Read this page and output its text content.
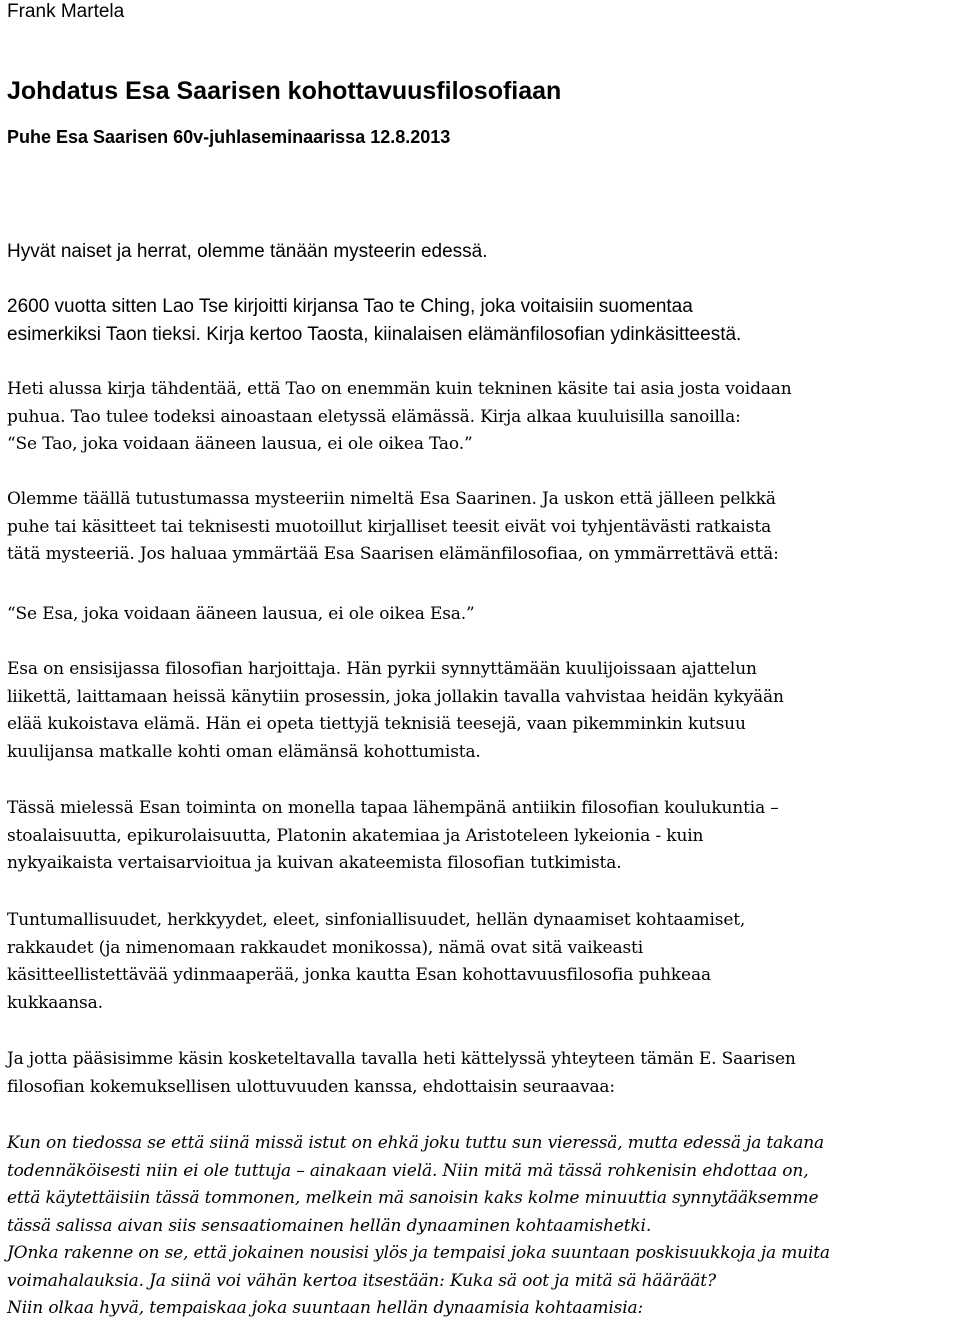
Frank Martela
Johdatus Esa Saarisen kohottavuusfilosofiaan
Puhe Esa Saarisen 60v-juhlaseminaarissa 12.8.2013
Hyvät naiset ja herrat, olemme tänään mysteerin edessä.
2600 vuotta sitten Lao Tse kirjoitti kirjansa Tao te Ching, joka voitaisiin suomentaa
esimerkiksi Taon tieksi. Kirja kertoo Taosta, kiinalaisen elämänfilosofian ydinkäsitteestä.
Heti alussa kirja tähdentää, että Tao on enemmän kuin tekninen käsite tai asia josta voidaan
puhua. Tao tulee todeksi ainoastaan eletyssä elämässä. Kirja alkaa kuuluisilla sanoilla:
“Se Tao, joka voidaan ääneen lausua, ei ole oikea Tao.”
Olemme täällä tutustumassa mysteeriin nimeltä Esa Saarinen. Ja uskon että jälleen pelkkä
puhe tai käsitteet tai teknisesti muotoillut kirjalliset teesit eivät voi tyhjentävästi ratkaista
tätä mysteeriä. Jos haluaa ymmärtää Esa Saarisen elämänfilosofiaa, on ymmärrettävä että:
“Se Esa, joka voidaan ääneen lausua, ei ole oikea Esa.”
Esa on ensisijassa filosofian harjoittaja. Hän pyrkii synnyttämään kuulijoissaan ajattelun
liikettä, laittamaan heissä känytiin prosessin, joka jollakin tavalla vahvistaa heidän kykyään
elää kukoistava elämä. Hän ei opeta tiettyjä teknisiä teesejä, vaan pikemminkin kutsuu
kuulijansa matkalle kohti oman elämänsä kohottumista.
Tässä mielessä Esan toiminta on monella tapaa lähempänä antiikin filosofian koulukuntia –
stoalaisuutta, epikurolaisuutta, Platonin akatemiaa ja Aristoteleen lykeionia - kuin
nykyaikaista vertaisarvioitua ja kuivan akateemista filosofian tutkimista.
Tuntumallisuudet, herkkyydet, eleet, sinfoniallisuudet, hellän dynaamiset kohtaamiset,
rakkaudet (ja nimenomaan rakkaudet monikossa), nämä ovat sitä vaikeasti
käsitteellistettävää ydinmaaperää, jonka kautta Esan kohottavuusfilosofia puhkeaa
kukkaansa.
Ja jotta pääsisimme käsin kosketeltavalla tavalla heti kättelyssä yhteyteen tämän E. Saarisen
filosofian kokemuksellisen ulottuvuuden kanssa, ehdottaisin seuraavaa:
Kun on tiedossa se että siinä missä istut on ehkä joku tuttu sun vieressä, mutta edessä ja takana
todennäköisesti niin ei ole tuttuja – ainakaan vielä. Niin mitä mä tässä rohkenisin ehdottaa on,
että käytettäisiin tässä tommonen, melkein mä sanoisin kaks kolme minuuttia synnytääksemme
tässä salissa aivan siis sensaatiomainen hellän dynaaminen kohtaamishetki.
JOnka rakenne on se, että jokainen nousisi ylös ja tempaisi joka suuntaan poskisuukkoja ja muita
voimahalauksia. Ja siinä voi vähän kertoa itsestään: Kuka sä oot ja mitä sä hääräät?
Niin olkaa hyvä, tempaiskaa joka suuntaan hellän dynaamisia kohtaamisia:
